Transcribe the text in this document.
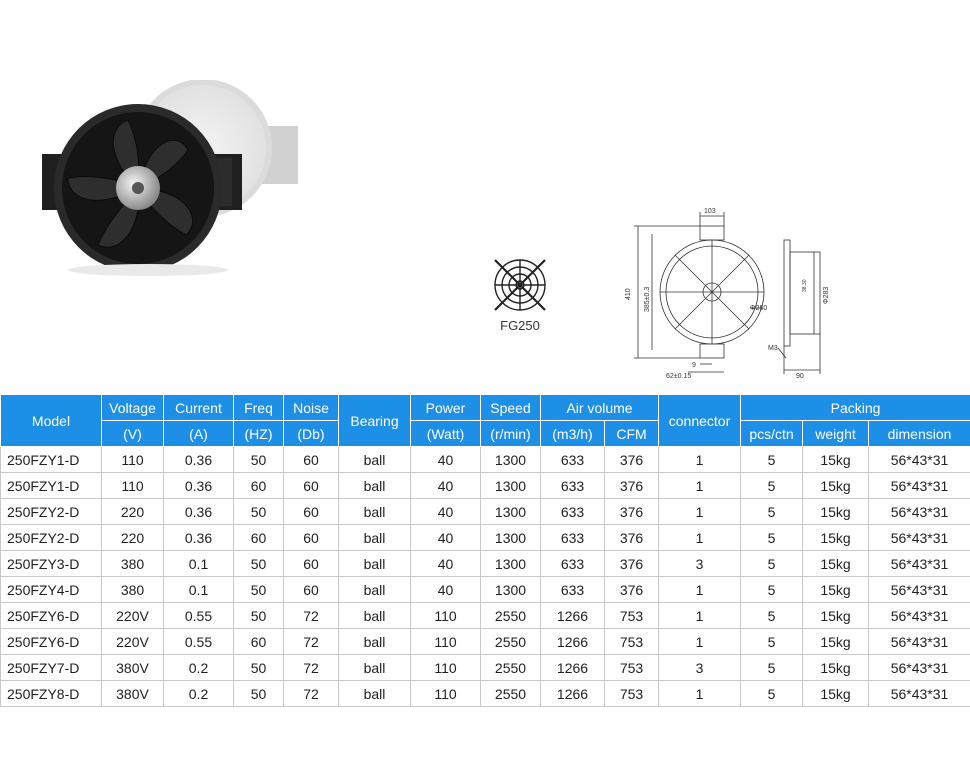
FG250
103
410 385±0.3	Φ250
9
62±0.15
M3
90
Φ283
38.30
Model	Voltage	Current	Freq	Noise	Bearing	Power	Speed	Air volume		connector	Packing		
	(V)	(A)	(HZ)	(Db)		(Watt)	(r/min)	(m3/h)	CFM		pcs/ctn	weight	dimension
250FZY1-D	110	0.36	50	60	ball	40	1300	633	376	1	5	15kg	56*43*31
250FZY1-D	110	0.36	60	60	ball	40	1300	633	376	1	5	15kg	56*43*31
250FZY2-D	220	0.36	50	60	ball	40	1300	633	376	1	5	15kg	56*43*31
250FZY2-D	220	0.36	60	60	ball	40	1300	633	376	1	5	15kg	56*43*31
250FZY3-D	380	0.1	50	60	ball	40	1300	633	376	3	5	15kg	56*43*31
250FZY4-D	380	0.1	50	60	ball	40	1300	633	376	1	5	15kg	56*43*31
250FZY6-D	220V	0.55	50	72	ball	110	2550	1266	753	1	5	15kg	56*43*31
250FZY6-D	220V	0.55	60	72	ball	110	2550	1266	753	1	5	15kg	56*43*31
250FZY7-D	380V	0.2	50	72	ball	110	2550	1266	753	3	5	15kg	56*43*31
250FZY8-D	380V	0.2	50	72	ball	110	2550	1266	753	1	5	15kg	56*43*31
